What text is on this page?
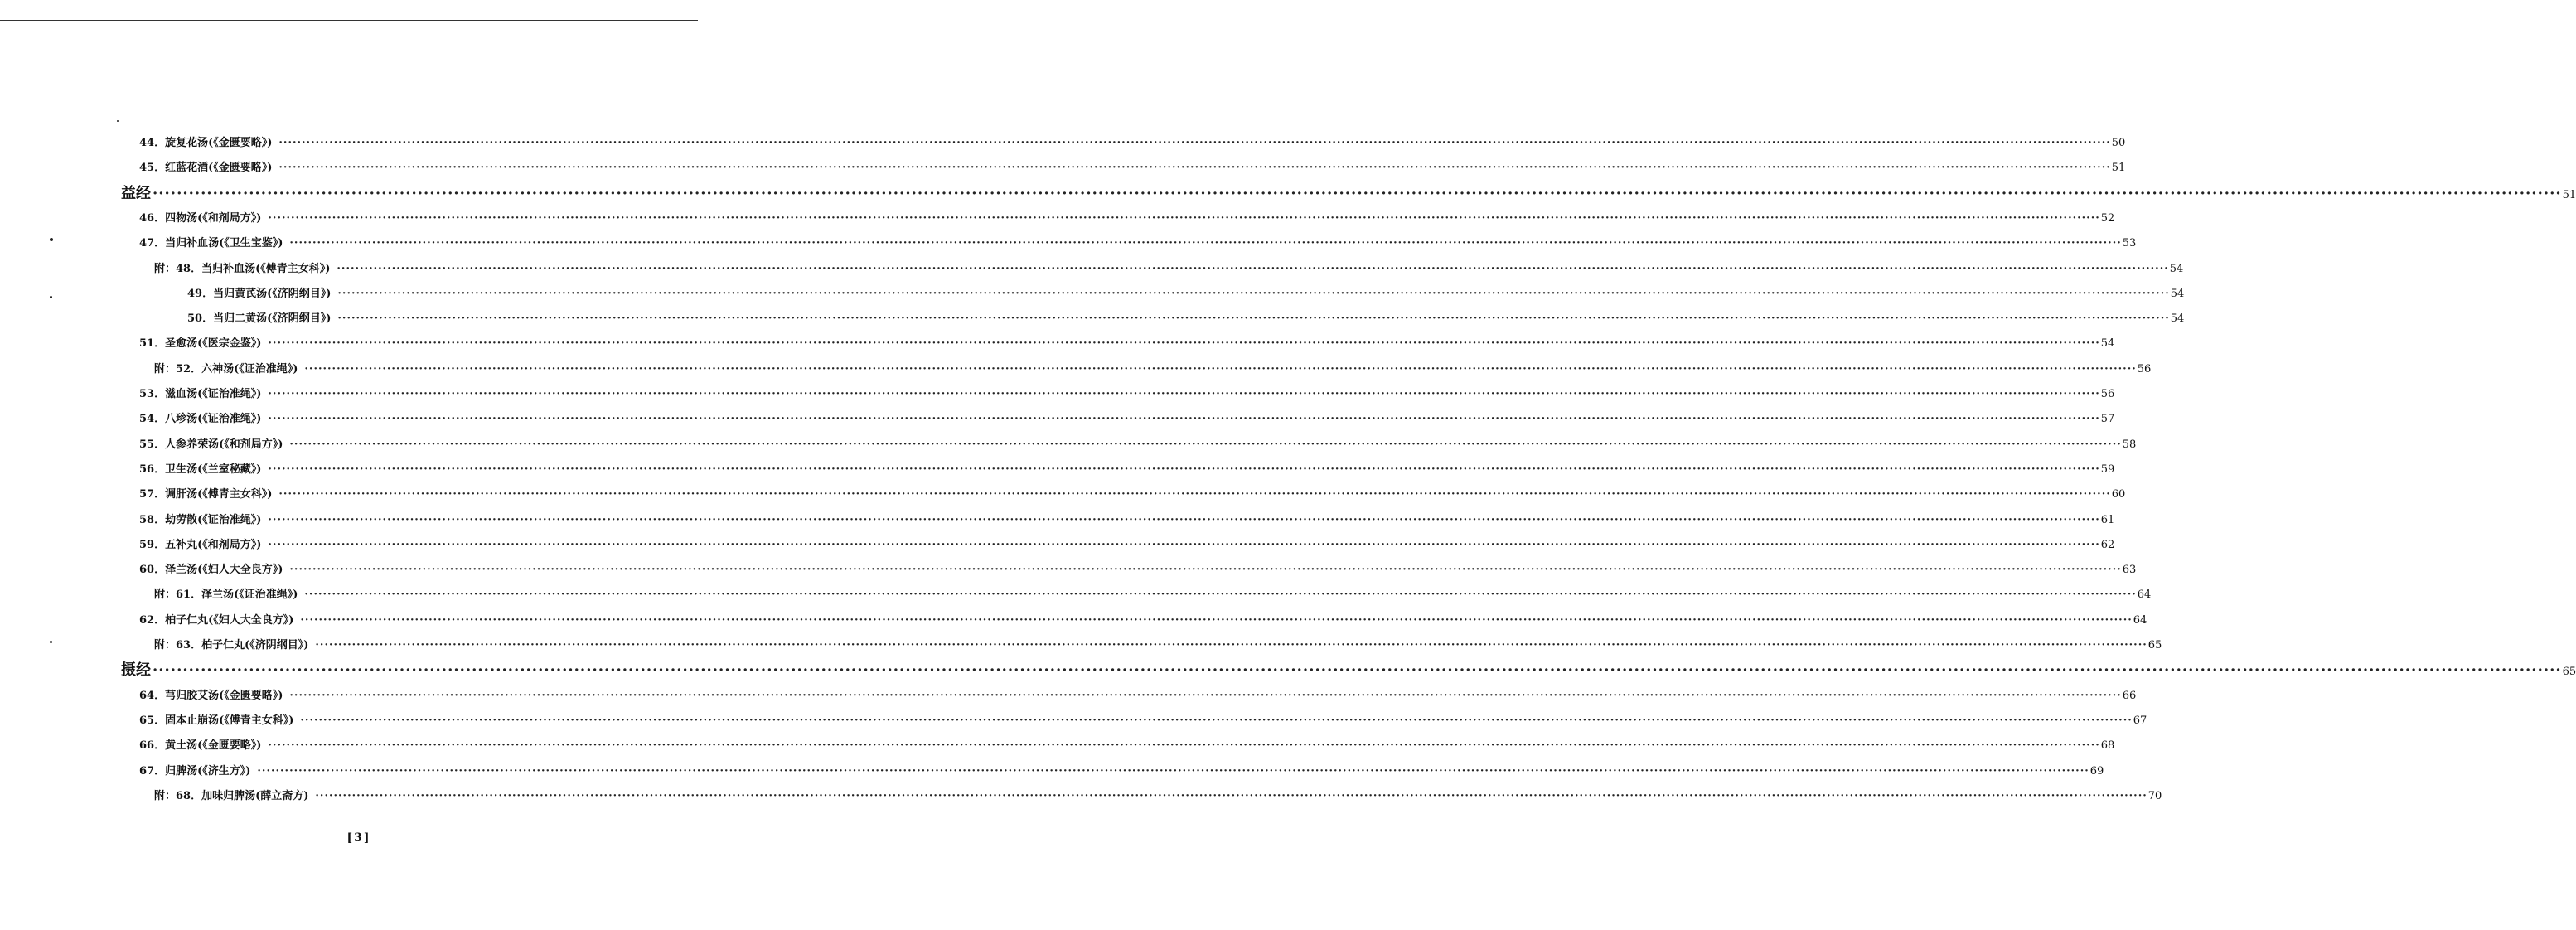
44．旋复花汤(《金匮要略》) ················································································································································································································································································································································································································ 50
45．红蓝花酒(《金匮要略》) ················································································································································································································································································································································································································ 51
益经 ················································································································································································································································································································································································································ 51
46．四物汤(《和剂局方》) ················································································································································································································································································································································································································ 52
47．当归补血汤(《卫生宝鉴》) ················································································································································································································································································································································································································ 53
附：48．当归补血汤(《傅青主女科》) ················································································································································································································································································································································································································ 54
49．当归黄芪汤(《济阴纲目》) ················································································································································································································································································································································································································ 54
50．当归二黄汤(《济阴纲目》) ················································································································································································································································································································································································································ 54
51．圣愈汤(《医宗金鉴》) ················································································································································································································································································································································································································ 54
附：52．六神汤(《证治准绳》) ················································································································································································································································································································································································································ 56
53．滋血汤(《证治准绳》) ················································································································································································································································································································································································································ 56
54．八珍汤(《证治准绳》) ················································································································································································································································································································································································································ 57
55．人参养荣汤(《和剂局方》) ················································································································································································································································································································································································································ 58
56．卫生汤(《兰室秘藏》) ················································································································································································································································································································································································································ 59
57．调肝汤(《傅青主女科》) ················································································································································································································································································································································································································ 60
58．劫劳散(《证治准绳》) ················································································································································································································································································································································································································ 61
59．五补丸(《和剂局方》) ················································································································································································································································································································································································································ 62
60．泽兰汤(《妇人大全良方》) ················································································································································································································································································································································································································ 63
附：61．泽兰汤(《证治准绳》) ················································································································································································································································································································································································································ 64
62．柏子仁丸(《妇人大全良方》) ················································································································································································································································································································································································································ 64
附：63．柏子仁丸(《济阴纲目》) ················································································································································································································································································································································································································ 65
摄经 ················································································································································································································································································································································································································ 65
64．芎归胶艾汤(《金匮要略》) ················································································································································································································································································································································································································ 66
65．固本止崩汤(《傅青主女科》) ················································································································································································································································································································································································································ 67
66．黄土汤(《金匮要略》) ················································································································································································································································································································································································································ 68
67．归脾汤(《济生方》) ················································································································································································································································································································································································································ 69
附：68．加味归脾汤(薛立斋方) ················································································································································································································································································································································································································ 70
[3]
